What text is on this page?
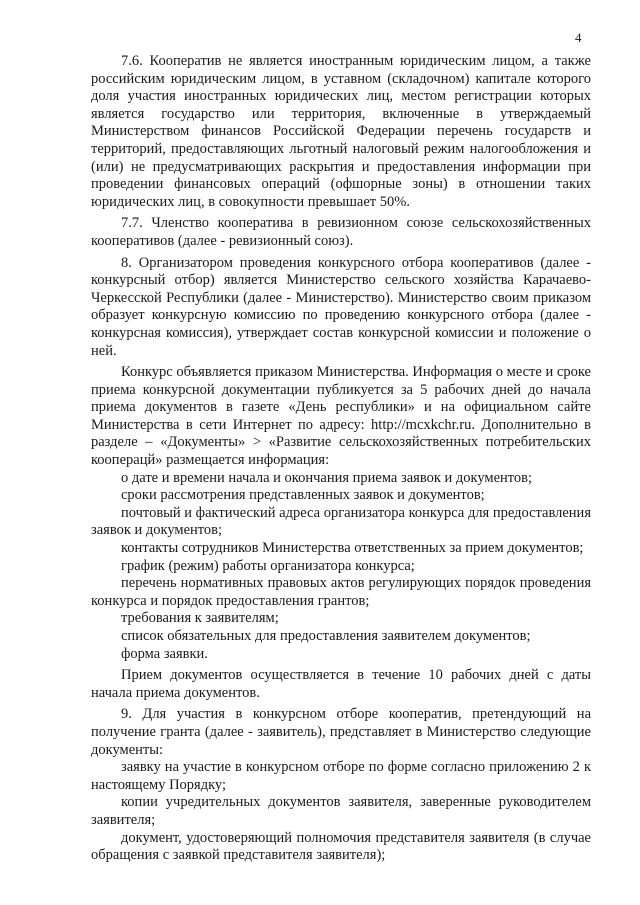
4

7.6. Кооператив не является иностранным юридическим лицом, а также российским юридическим лицом, в уставном (складочном) капитале которого доля участия иностранных юридических лиц, местом регистрации которых является государство или территория, включенные в утверждаемый Министерством финансов Российской Федерации перечень государств и территорий, предоставляющих льготный налоговый режим налогообложения и (или) не предусматривающих раскрытия и предоставления информации при проведении финансовых операций (офшорные зоны) в отношении таких юридических лиц, в совокупности превышает 50%.

7.7. Членство кооператива в ревизионном союзе сельскохозяйственных кооперативов (далее - ревизионный союз).

8. Организатором проведения конкурсного отбора кооперативов (далее - конкурсный отбор) является Министерство сельского хозяйства Карачаево-Черкесской Республики (далее - Министерство). Министерство своим приказом образует конкурсную комиссию по проведению конкурсного отбора (далее - конкурсная комиссия), утверждает состав конкурсной комиссии и положение о ней.

Конкурс объявляется приказом Министерства. Информация о месте и сроке приема конкурсной документации публикуется за 5 рабочих дней до начала приема документов в газете «День республики» и на официальном сайте Министерства в сети Интернет по адресу: http://mcxkchr.ru. Дополнительно в разделе – «Документы» > «Развитие сельскохозяйственных потребительских кооперацй» размещается информация:

о дате и времени начала и окончания приема заявок и документов;

сроки рассмотрения представленных заявок и документов;

почтовый и фактический адреса организатора конкурса для предоставления заявок и документов;

контакты сотрудников Министерства ответственных за прием документов;

график (режим) работы организатора конкурса;

перечень нормативных правовых актов регулирующих порядок проведения конкурса и порядок предоставления грантов;

требования к заявителям;

список обязательных для предоставления заявителем документов;

форма заявки.

Прием документов осуществляется в течение 10 рабочих дней с даты начала приема документов.

9. Для участия в конкурсном отборе кооператив, претендующий на получение гранта (далее - заявитель), представляет в Министерство следующие документы:

заявку на участие в конкурсном отборе по форме согласно приложению 2 к настоящему Порядку;

копии учредительных документов заявителя, заверенные руководителем заявителя;

документ, удостоверяющий полномочия представителя заявителя (в случае обращения с заявкой представителя заявителя);
